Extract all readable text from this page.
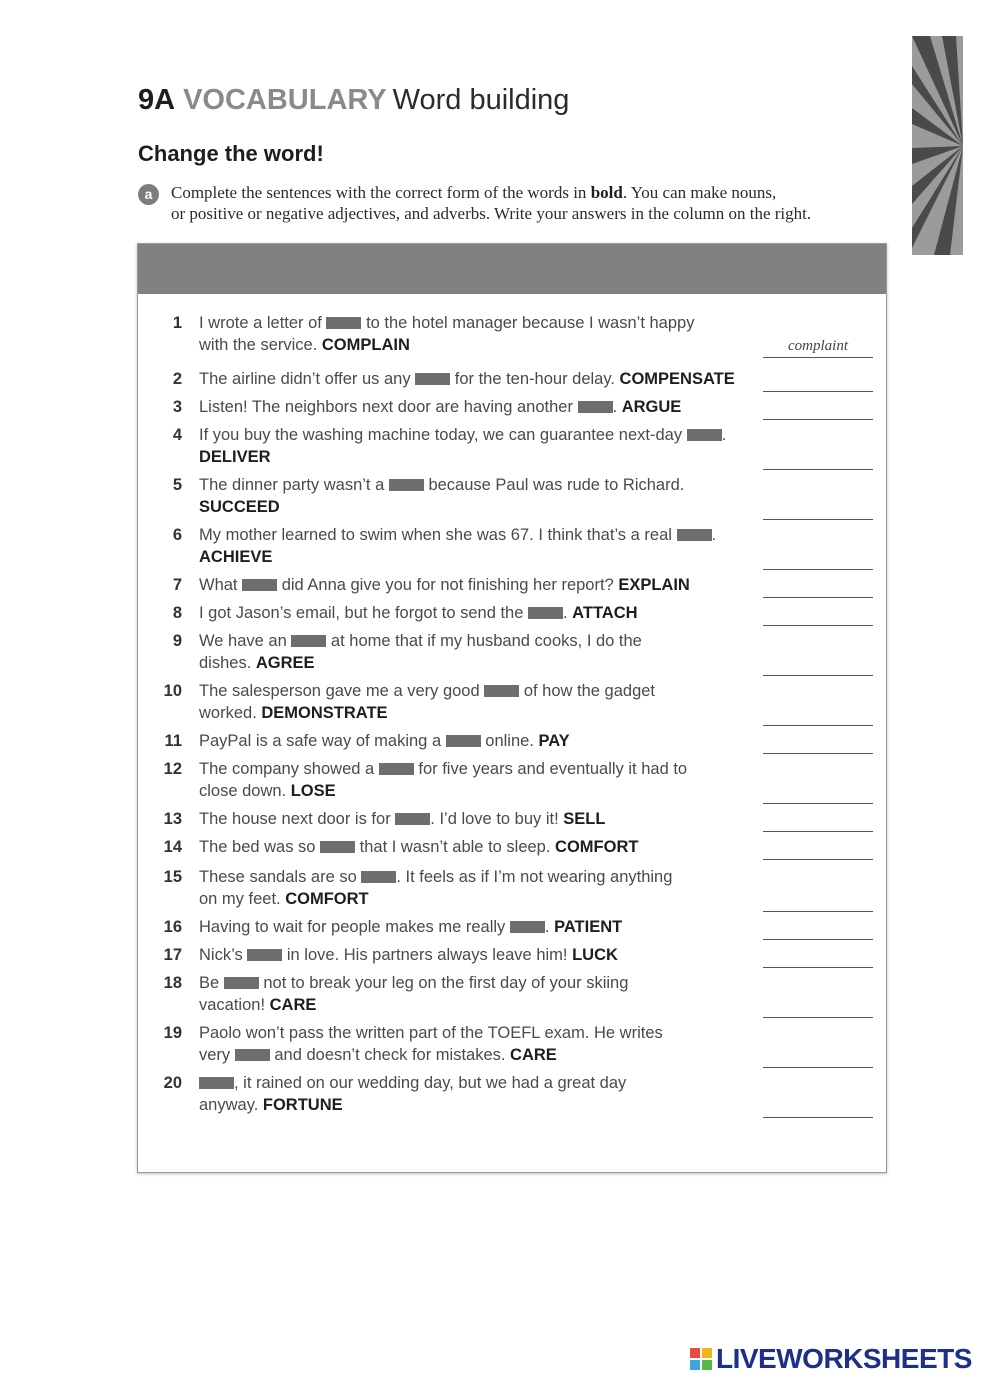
9A VOCABULARY Word building
Change the word!
a	Complete the sentences with the correct form of the words in bold. You can make nouns,
or positive or negative adjectives, and adverbs. Write your answers in the column on the right.
1 I wrote a letter of  to the hotel manager because I wasn’t happy
with the service. COMPLAIN	complaint
2 The airline didn’t offer us any  for the ten-hour delay. COMPENSATE
3 Listen! The neighbors next door are having another . ARGUE
4 If you buy the washing machine today, we can guarantee next-day .
DELIVER
5 The dinner party wasn’t a  because Paul was rude to Richard.
SUCCEED
6 My mother learned to swim when she was 67. I think that’s a real .
ACHIEVE
7 What  did Anna give you for not finishing her report? EXPLAIN
8 I got Jason’s email, but he forgot to send the . ATTACH
9 We have an  at home that if my husband cooks, I do the
dishes. AGREE
10 The salesperson gave me a very good  of how the gadget
worked. DEMONSTRATE
11 PayPal is a safe way of making a  online. PAY
12 The company showed a  for five years and eventually it had to
close down. LOSE
13 The house next door is for . I’d love to buy it! SELL
14 The bed was so  that I wasn’t able to sleep. COMFORT
15 These sandals are so . It feels as if I’m not wearing anything
on my feet. COMFORT
16 Having to wait for people makes me really . PATIENT
17 Nick’s  in love. His partners always leave him! LUCK
18 Be  not to break your leg on the first day of your skiing
vacation! CARE
19 Paolo won’t pass the written part of the TOEFL exam. He writes
very  and doesn’t check for mistakes. CARE
20	, it rained on our wedding day, but we had a great day
anyway. FORTUNE
LIVEWORKSHEETS
